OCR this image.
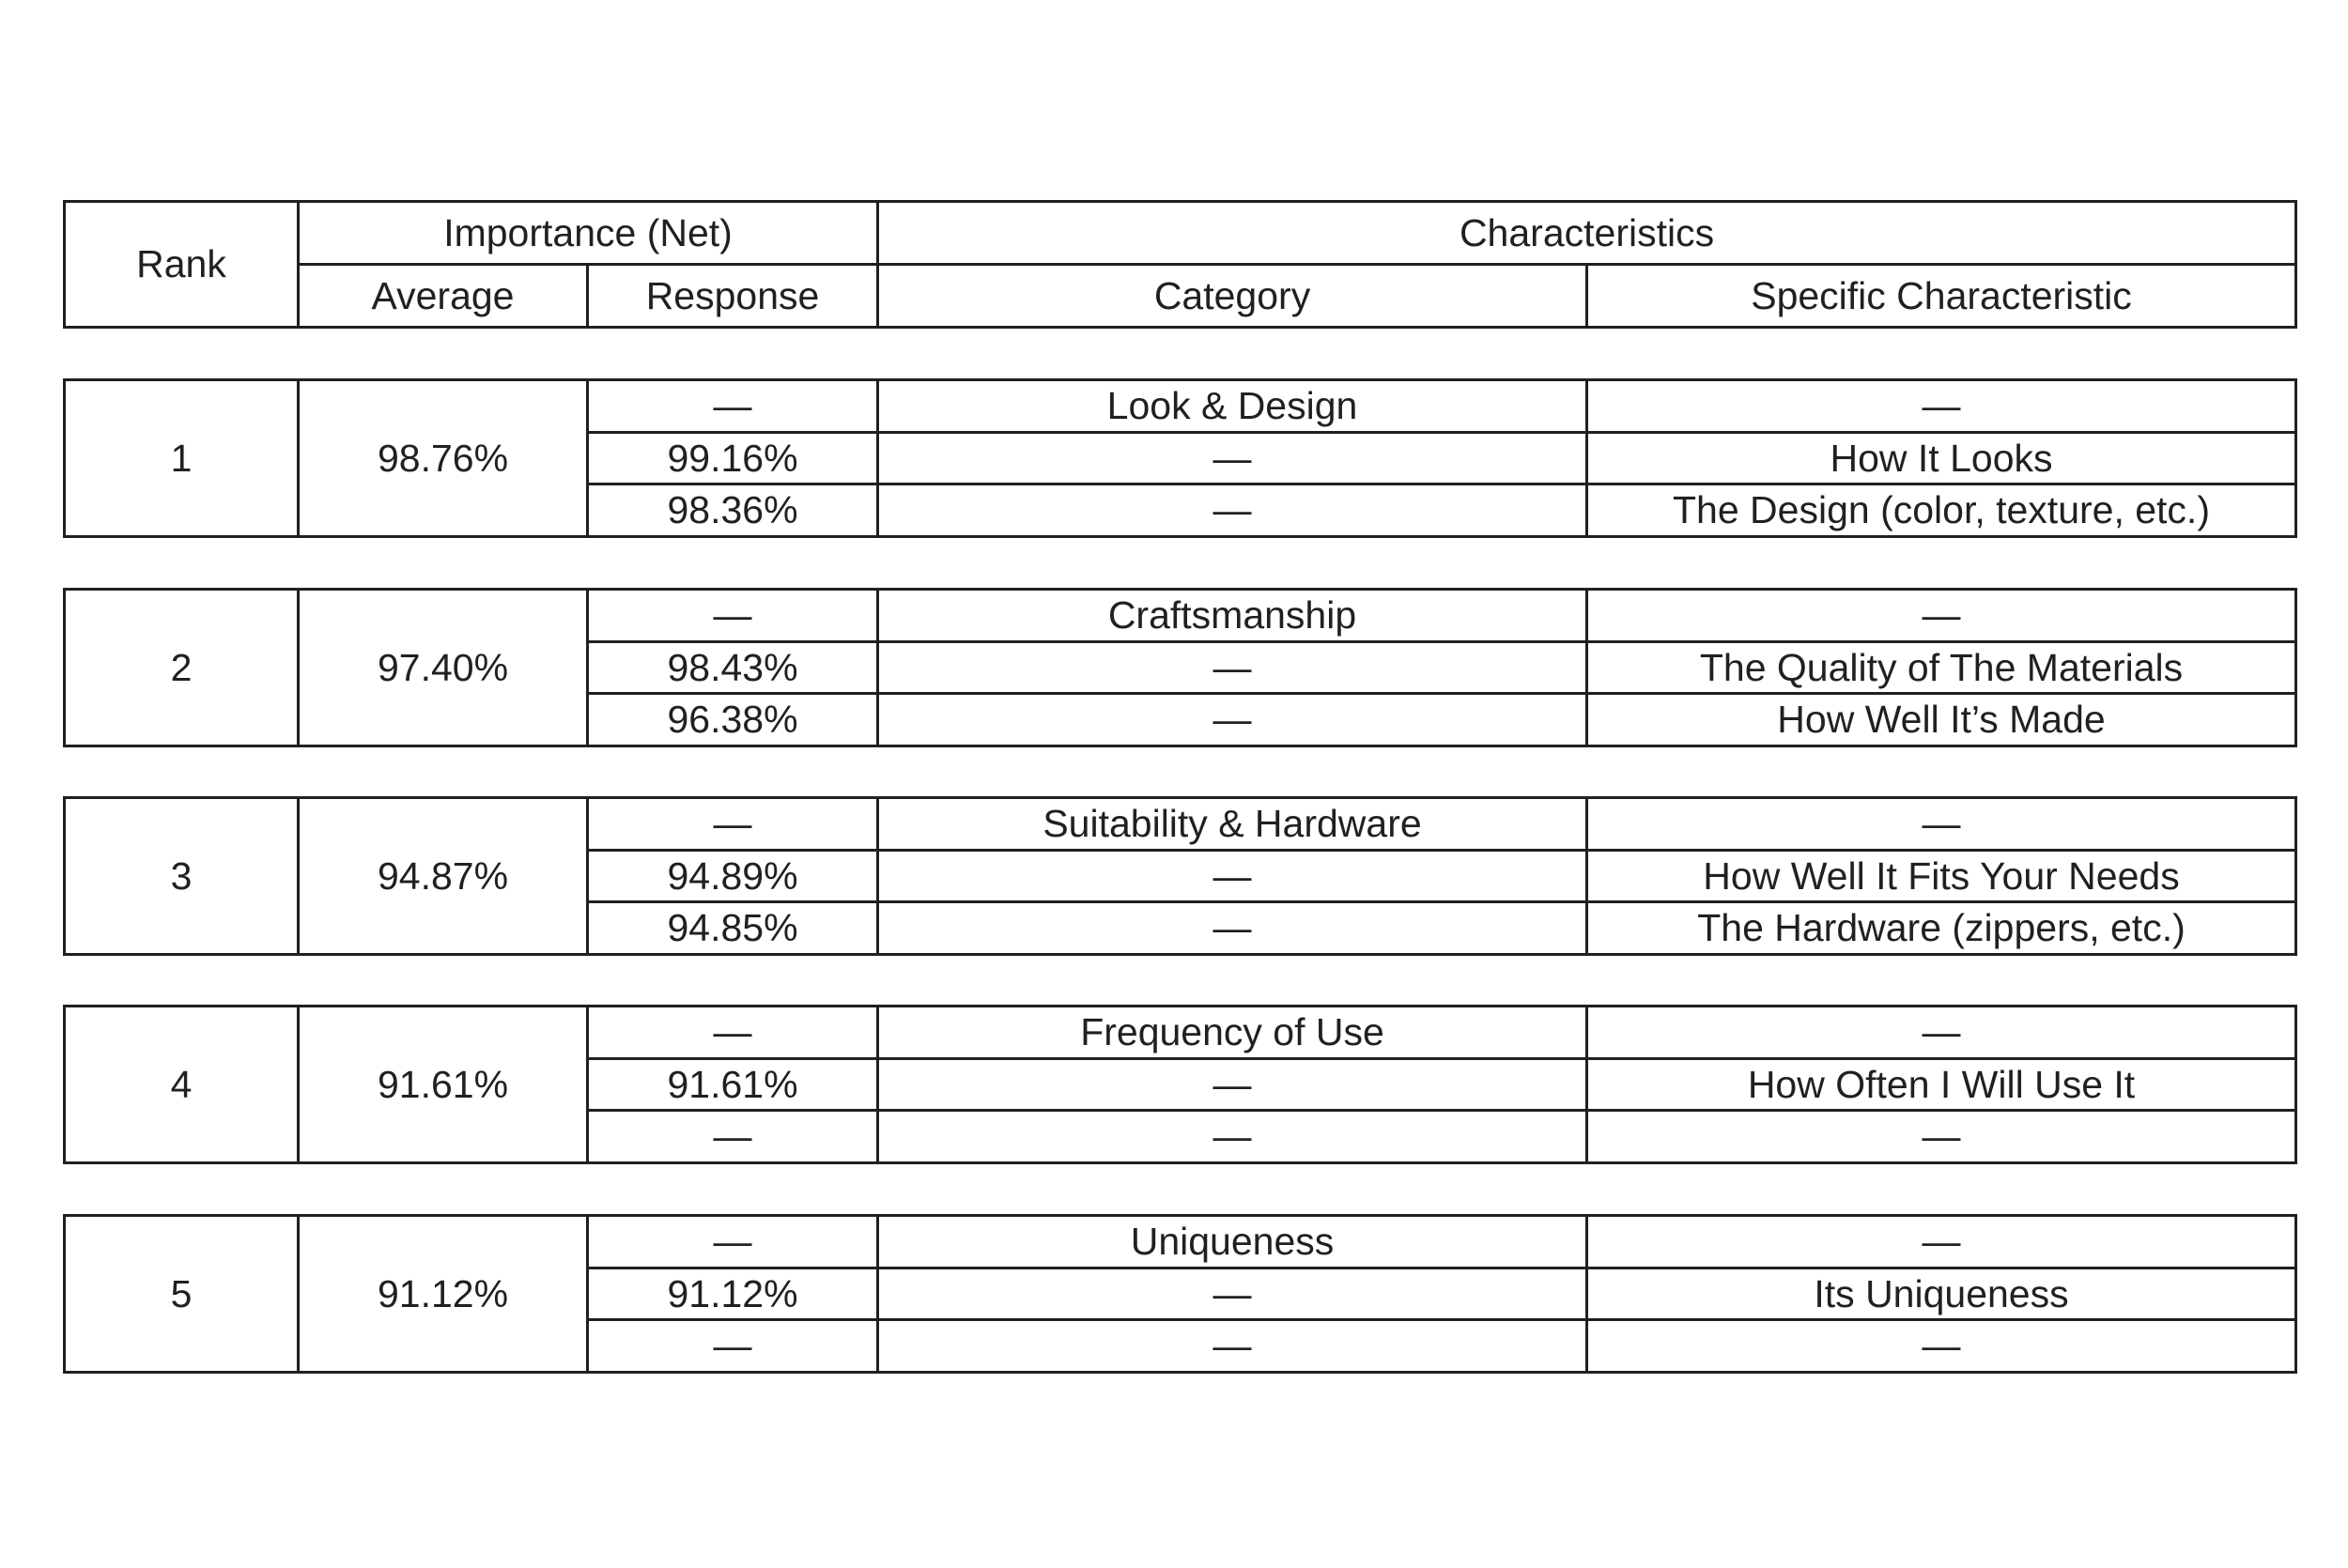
Rank	Importance (Net)		Characteristics	
	Average	Response	Category	Specific Characteristic
1	98.76%	—	Look & Design	—
		99.16%	—	How It Looks
		98.36%	—	The Design (color, texture, etc.)
2	97.40%	—	Craftsmanship	—
		98.43%	—	The Quality of The Materials
		96.38%	—	How Well It’s Made
3	94.87%	—	Suitability & Hardware	—
		94.89%	—	How Well It Fits Your Needs
		94.85%	—	The Hardware (zippers, etc.)
4	91.61%	—	Frequency of Use	—
		91.61%	—	How Often I Will Use It
		—	—	—
5	91.12%	—	Uniqueness	—
		91.12%	—	Its Uniqueness
		—	—	—
